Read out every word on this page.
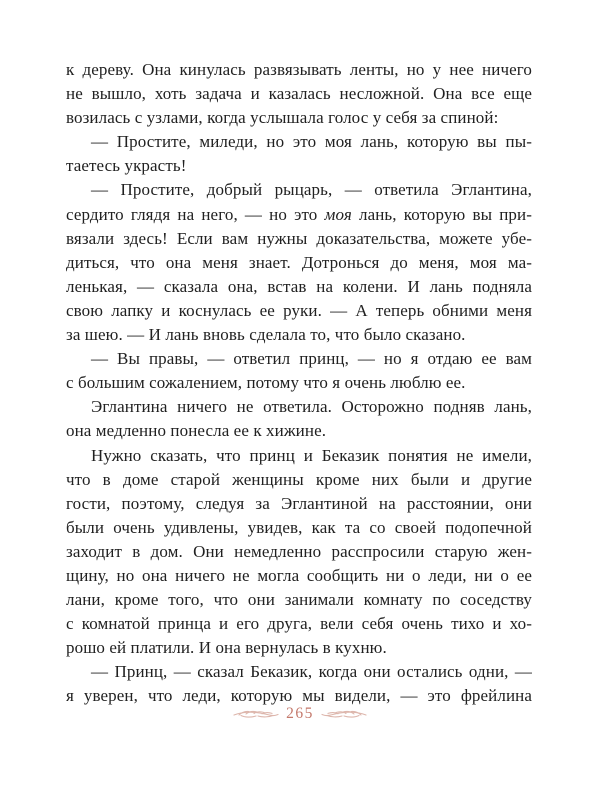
к дереву. Она кинулась развязывать ленты, но у нее ничего
не вышло, хоть задача и казалась несложной. Она все еще
возилась с узлами, когда услышала голос у себя за спиной:
— Простите, миледи, но это моя лань, которую вы пы-
таетесь украсть!
— Простите, добрый рыцарь, — ответила Эглантина,
сердито глядя на него, — но это моя лань, которую вы при-
вязали здесь! Если вам нужны доказательства, можете убе-
диться, что она меня знает. Дотронься до меня, моя ма-
ленькая, — сказала она, встав на колени. И лань подняла
свою лапку и коснулась ее руки. — А теперь обними меня
за шею. — И лань вновь сделала то, что было сказано.
— Вы правы, — ответил принц, — но я отдаю ее вам
с большим сожалением, потому что я очень люблю ее.
Эглантина ничего не ответила. Осторожно подняв лань,
она медленно понесла ее к хижине.
Нужно сказать, что принц и Беказик понятия не имели,
что в доме старой женщины кроме них были и другие
гости, поэтому, следуя за Эглантиной на расстоянии, они
были очень удивлены, увидев, как та со своей подопечной
заходит в дом. Они немедленно расспросили старую жен-
щину, но она ничего не могла сообщить ни о леди, ни о ее
лани, кроме того, что они занимали комнату по соседству
с комнатой принца и его друга, вели себя очень тихо и хо-
рошо ей платили. И она вернулась в кухню.
— Принц, — сказал Беказик, когда они остались одни, —
я уверен, что леди, которую мы видели, — это фрейлина
265
